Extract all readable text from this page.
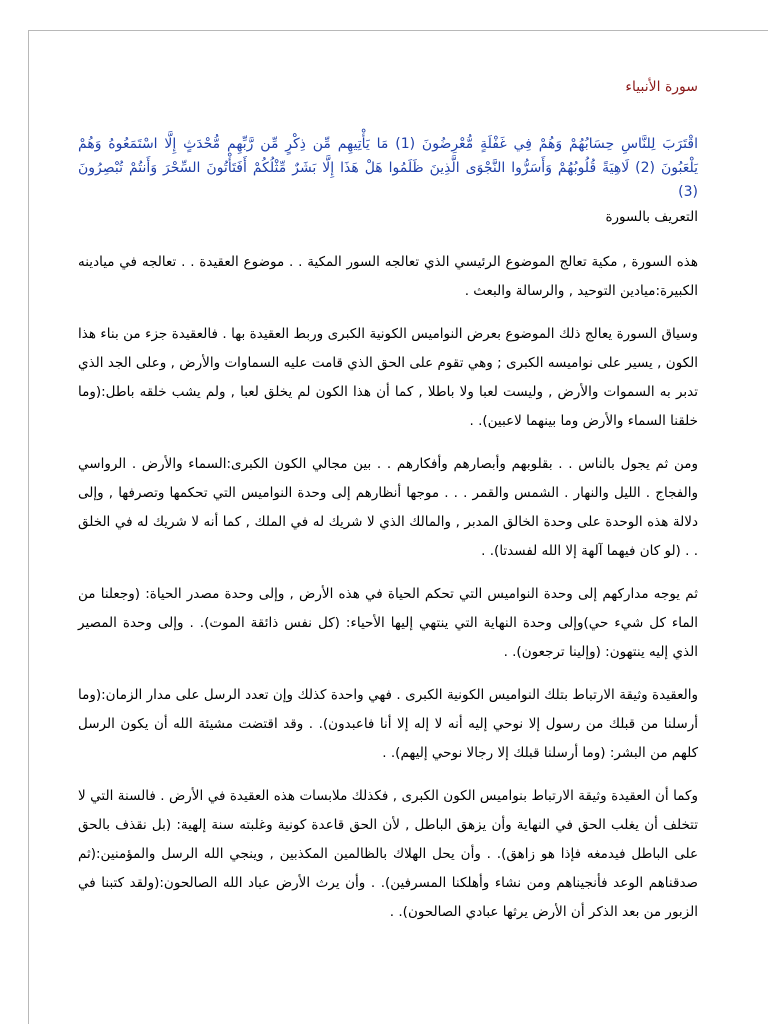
سورة الأنبياء
اقْتَرَبَ لِلنَّاسِ حِسَابُهُمْ وَهُمْ فِي غَفْلَةٍ مُّعْرِضُونَ (1) مَا يَأْتِيهِم مِّن ذِكْرٍ مِّن رَّبِّهِم مُّحْدَثٍ إِلَّا اسْتَمَعُوهُ وَهُمْ يَلْعَبُونَ (2) لَاهِيَةً قُلُوبُهُمْ وَأَسَرُّوا النَّجْوَى الَّذِينَ ظَلَمُوا هَلْ هَذَا إِلَّا بَشَرٌ مِّثْلُكُمْ أَفَتَأْتُونَ السِّحْرَ وَأَنتُمْ تُبْصِرُونَ (3)
التعريف بالسورة

هذه السورة , مكية تعالج الموضوع الرئيسي الذي تعالجه السور المكية . . موضوع العقيدة . . تعالجه في ميادينه الكبيرة:ميادين التوحيد , والرسالة والبعث .

وسياق السورة يعالج ذلك الموضوع بعرض النواميس الكونية الكبرى وربط العقيدة بها . فالعقيدة جزء من بناء هذا الكون , يسير على نواميسه الكبرى ; وهي تقوم على الحق الذي قامت عليه السماوات والأرض , وعلى الجد الذي تدبر به السموات والأرض , وليست لعبا ولا باطلا , كما أن هذا الكون لم يخلق لعبا , ولم يشب خلقه باطل:(وما خلقنا السماء والأرض وما بينهما لاعبين). .

ومن ثم يجول بالناس . . بقلوبهم وأبصارهم وأفكارهم . . بين مجالي الكون الكبرى:السماء والأرض . الرواسي والفجاج . الليل والنهار . الشمس والقمر . . . موجها أنظارهم إلى وحدة النواميس التي تحكمها وتصرفها , وإلى دلالة هذه الوحدة على وحدة الخالق المدبر , والمالك الذي لا شريك له في الملك , كما أنه لا شريك له في الخلق . . (لو كان فيهما آلهة إلا الله لفسدتا). .

ثم يوجه مداركهم إلى وحدة النواميس التي تحكم الحياة في هذه الأرض , وإلى وحدة مصدر الحياة: (وجعلنا من الماء كل شيء حي)وإلى وحدة النهاية التي ينتهي إليها الأحياء: (كل نفس ذائقة الموت). . وإلى وحدة المصير الذي إليه ينتهون: (وإلينا ترجعون). .

والعقيدة وثيقة الارتباط بتلك النواميس الكونية الكبرى . فهي واحدة كذلك وإن تعدد الرسل على مدار الزمان:(وما أرسلنا من قبلك من رسول إلا نوحي إليه أنه لا إله إلا أنا فاعبدون). . وقد اقتضت مشيئة الله أن يكون الرسل كلهم من البشر: (وما أرسلنا قبلك إلا رجالا نوحي إليهم). .

وكما أن العقيدة وثيقة الارتباط بنواميس الكون الكبرى , فكذلك ملابسات هذه العقيدة في الأرض . فالسنة التي لا تتخلف أن يغلب الحق في النهاية وأن يزهق الباطل , لأن الحق قاعدة كونية وغلبته سنة إلهية: (بل نقذف بالحق على الباطل فيدمغه فإذا هو زاهق). . وأن يحل الهلاك بالظالمين المكذبين , وينجي الله الرسل والمؤمنين:(ثم صدقناهم الوعد فأنجيناهم ومن نشاء وأهلكنا المسرفين). . وأن يرث الأرض عباد الله الصالحون:(ولقد كتبنا في الزبور من بعد الذكر أن الأرض يرثها عبادي الصالحون). .
